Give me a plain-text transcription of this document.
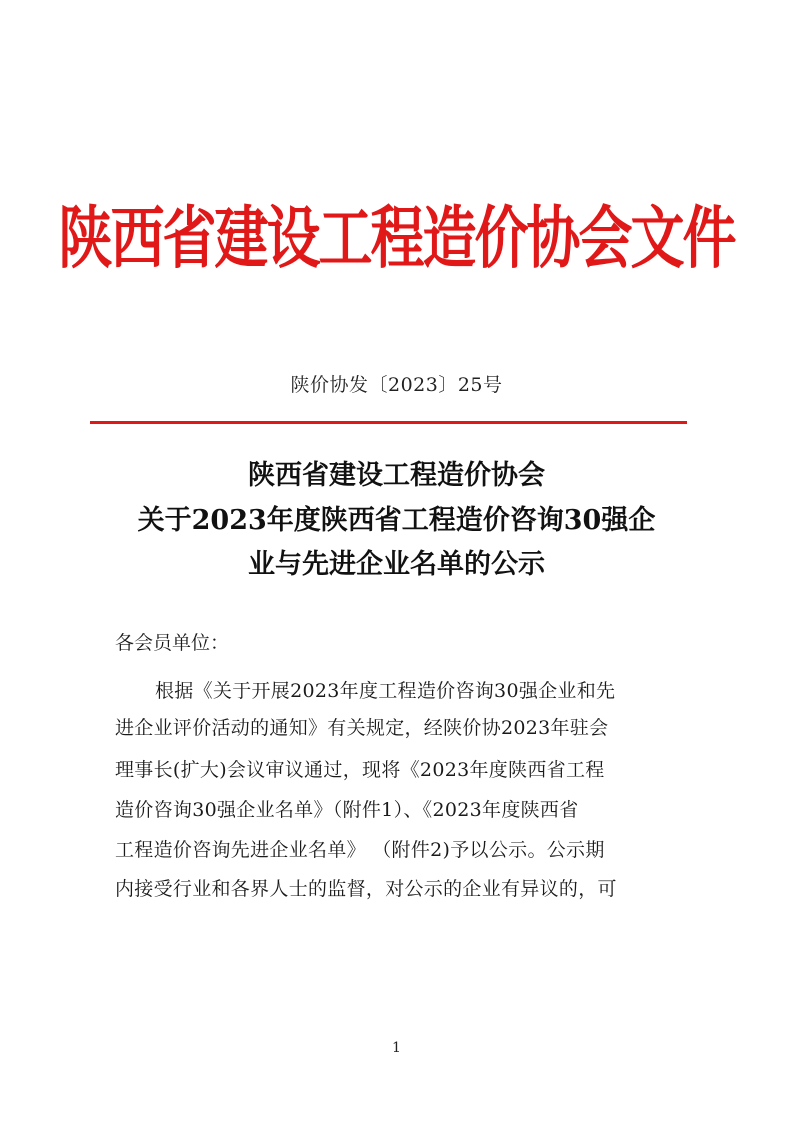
陕西省建设工程造价协会文件
陕价协发〔2023〕25号
陕西省建设工程造价协会
关于2023年度陕西省工程造价咨询30强企
业与先进企业名单的公示
各会员单位：
根据《关于开展2023年度工程造价咨询30强企业和先
进企业评价活动的通知》有关规定，经陕价协2023年驻会
理事长(扩大)会议审议通过，现将《2023年度陕西省工程
造价咨询30强企业名单》（附件1）、《2023年度陕西省
工程造价咨询先进企业名单》 （附件2)予以公示。公示期
内接受行业和各界人士的监督，对公示的企业有异议的，可
1
